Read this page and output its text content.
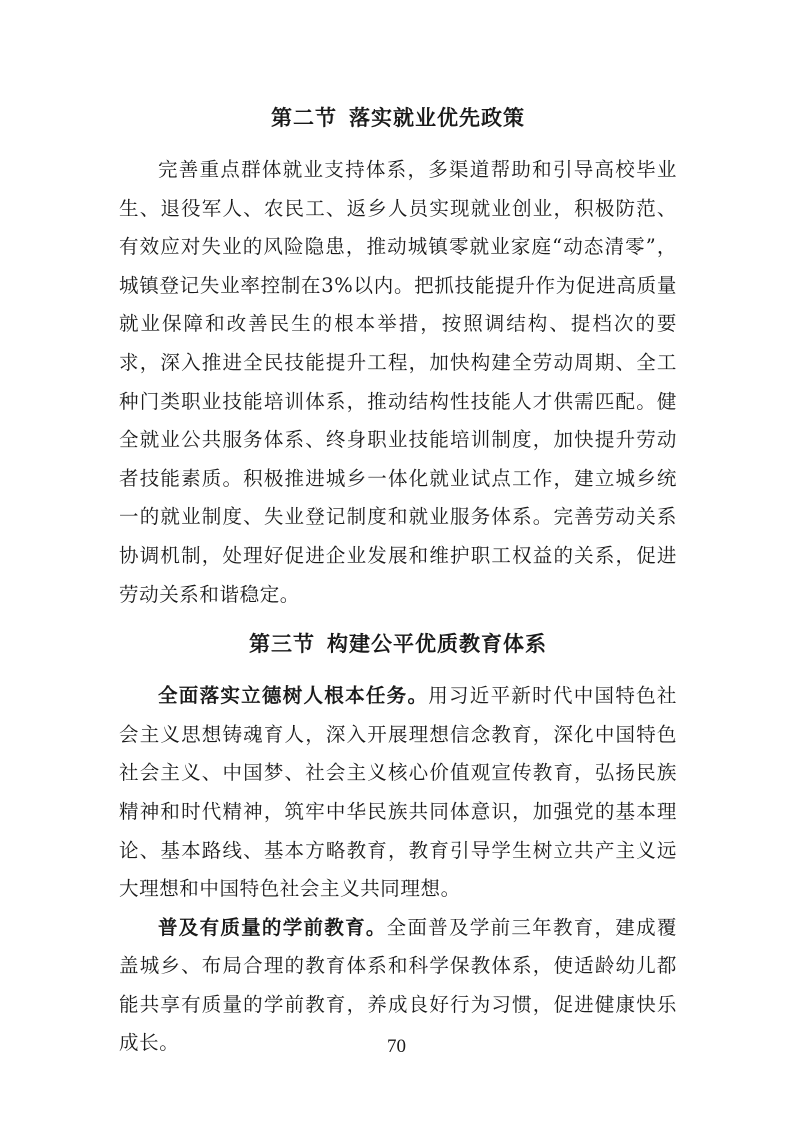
第二节 落实就业优先政策

完善重点群体就业支持体系，多渠道帮助和引导高校毕业生、退役军人、农民工、返乡人员实现就业创业，积极防范、有效应对失业的风险隐患，推动城镇零就业家庭“动态清零”，城镇登记失业率控制在3%以内。把抓技能提升作为促进高质量就业保障和改善民生的根本举措，按照调结构、提档次的要求，深入推进全民技能提升工程，加快构建全劳动周期、全工种门类职业技能培训体系，推动结构性技能人才供需匹配。健全就业公共服务体系、终身职业技能培训制度，加快提升劳动者技能素质。积极推进城乡一体化就业试点工作，建立城乡统一的就业制度、失业登记制度和就业服务体系。完善劳动关系协调机制，处理好促进企业发展和维护职工权益的关系，促进劳动关系和谐稳定。

第三节 构建公平优质教育体系

全面落实立德树人根本任务。用习近平新时代中国特色社会主义思想铸魂育人，深入开展理想信念教育，深化中国特色社会主义、中国梦、社会主义核心价值观宣传教育，弘扬民族精神和时代精神，筑牢中华民族共同体意识，加强党的基本理论、基本路线、基本方略教育，教育引导学生树立共产主义远大理想和中国特色社会主义共同理想。

普及有质量的学前教育。全面普及学前三年教育，建成覆盖城乡、布局合理的教育体系和科学保教体系，使适龄幼儿都能共享有质量的学前教育，养成良好行为习惯，促进健康快乐成长。	70
